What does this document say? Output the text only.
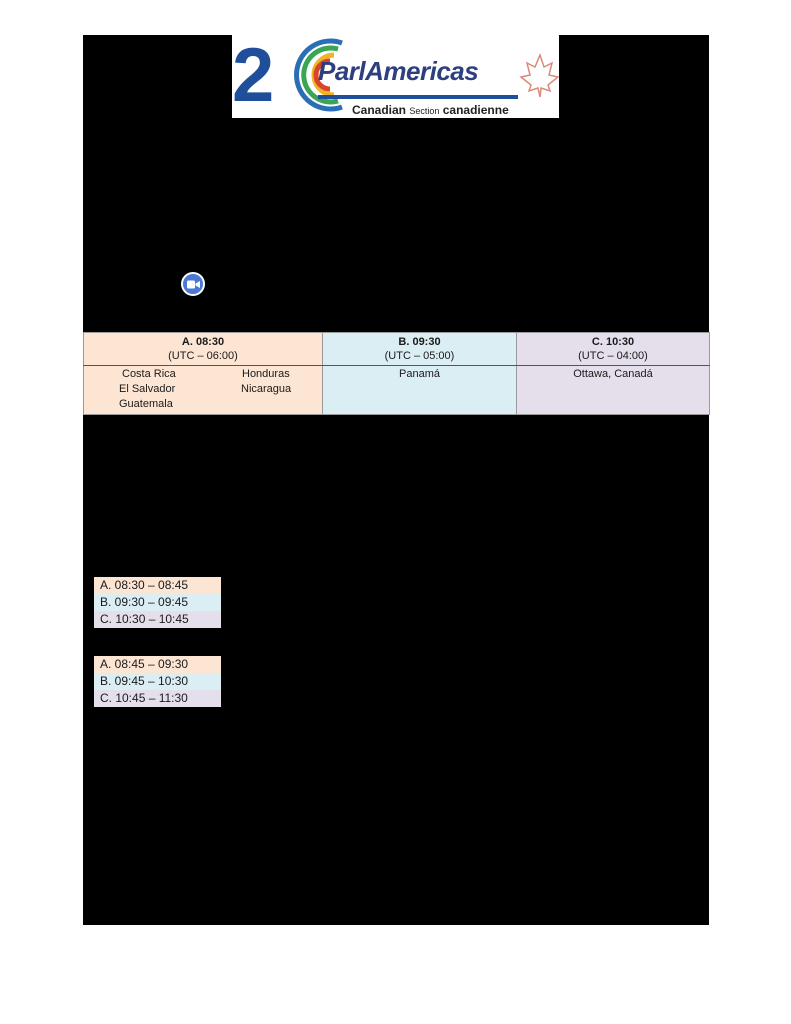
2 ParlAmericas
Canadian Section canadienne
A. 08:30
(UTC – 06:00)	B. 09:30
(UTC – 05:00)	C. 10:30
(UTC – 04:00)

Costa Rica
El Salvador
Guatemala
Honduras
Nicaragua	Panamá	Ottawa, Canadá
A. 08:30 – 08:45
B. 09:30 – 09:45
C. 10:30 – 10:45
A. 08:45 – 09:30
B. 09:45 – 10:30
C. 10:45 – 11:30
